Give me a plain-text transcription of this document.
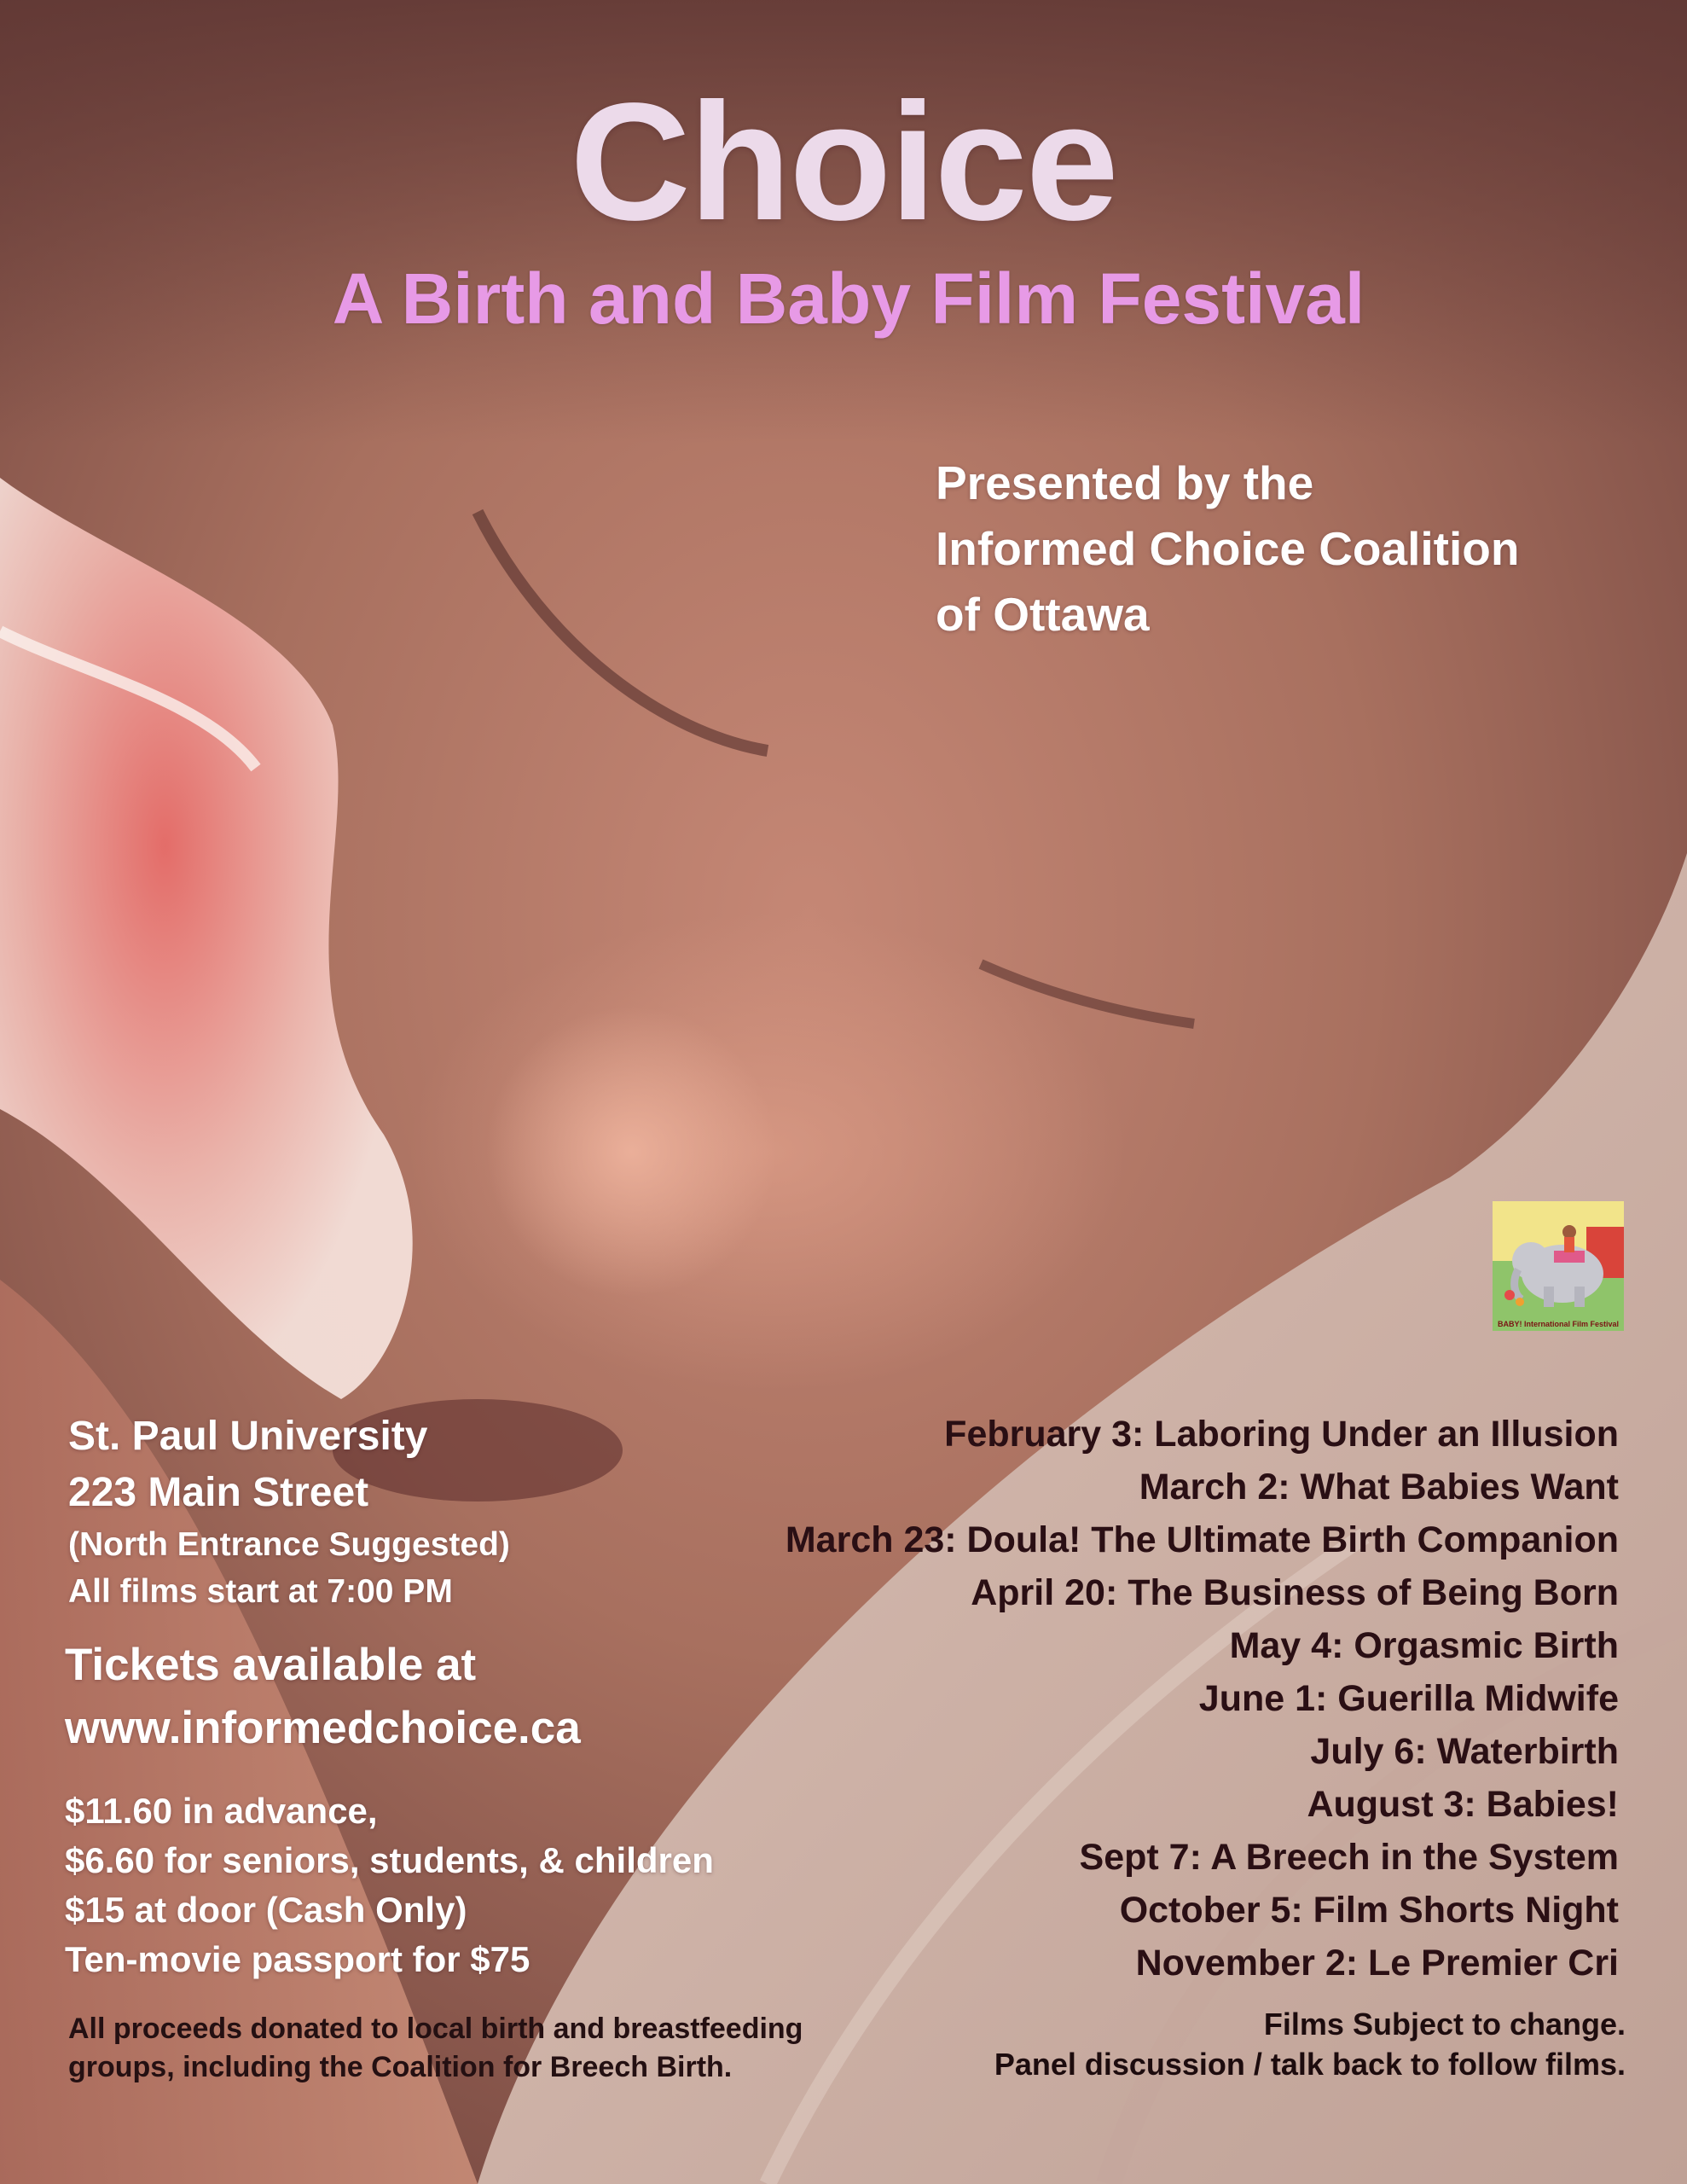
Choice
A Birth and Baby Film Festival
Presented by the
Informed Choice Coalition
of Ottawa
BABY! International Film Festival
St. Paul University
223 Main Street
(North Entrance Suggested)
All films start at 7:00 PM
Tickets available at
www.informedchoice.ca
$11.60 in advance,
$6.60 for seniors, students, & children
$15 at door (Cash Only)
Ten-movie passport for $75
All proceeds donated to local birth and breastfeeding
groups, including the Coalition for Breech Birth.
February 3: Laboring Under an Illusion
March 2: What Babies Want
March 23: Doula! The Ultimate Birth Companion
April 20: The Business of Being Born
May 4: Orgasmic Birth
June 1: Guerilla Midwife
July 6: Waterbirth
August 3: Babies!
Sept 7: A Breech in the System
October 5: Film Shorts Night
November 2: Le Premier Cri
Films Subject to change.
Panel discussion / talk back to follow films.
